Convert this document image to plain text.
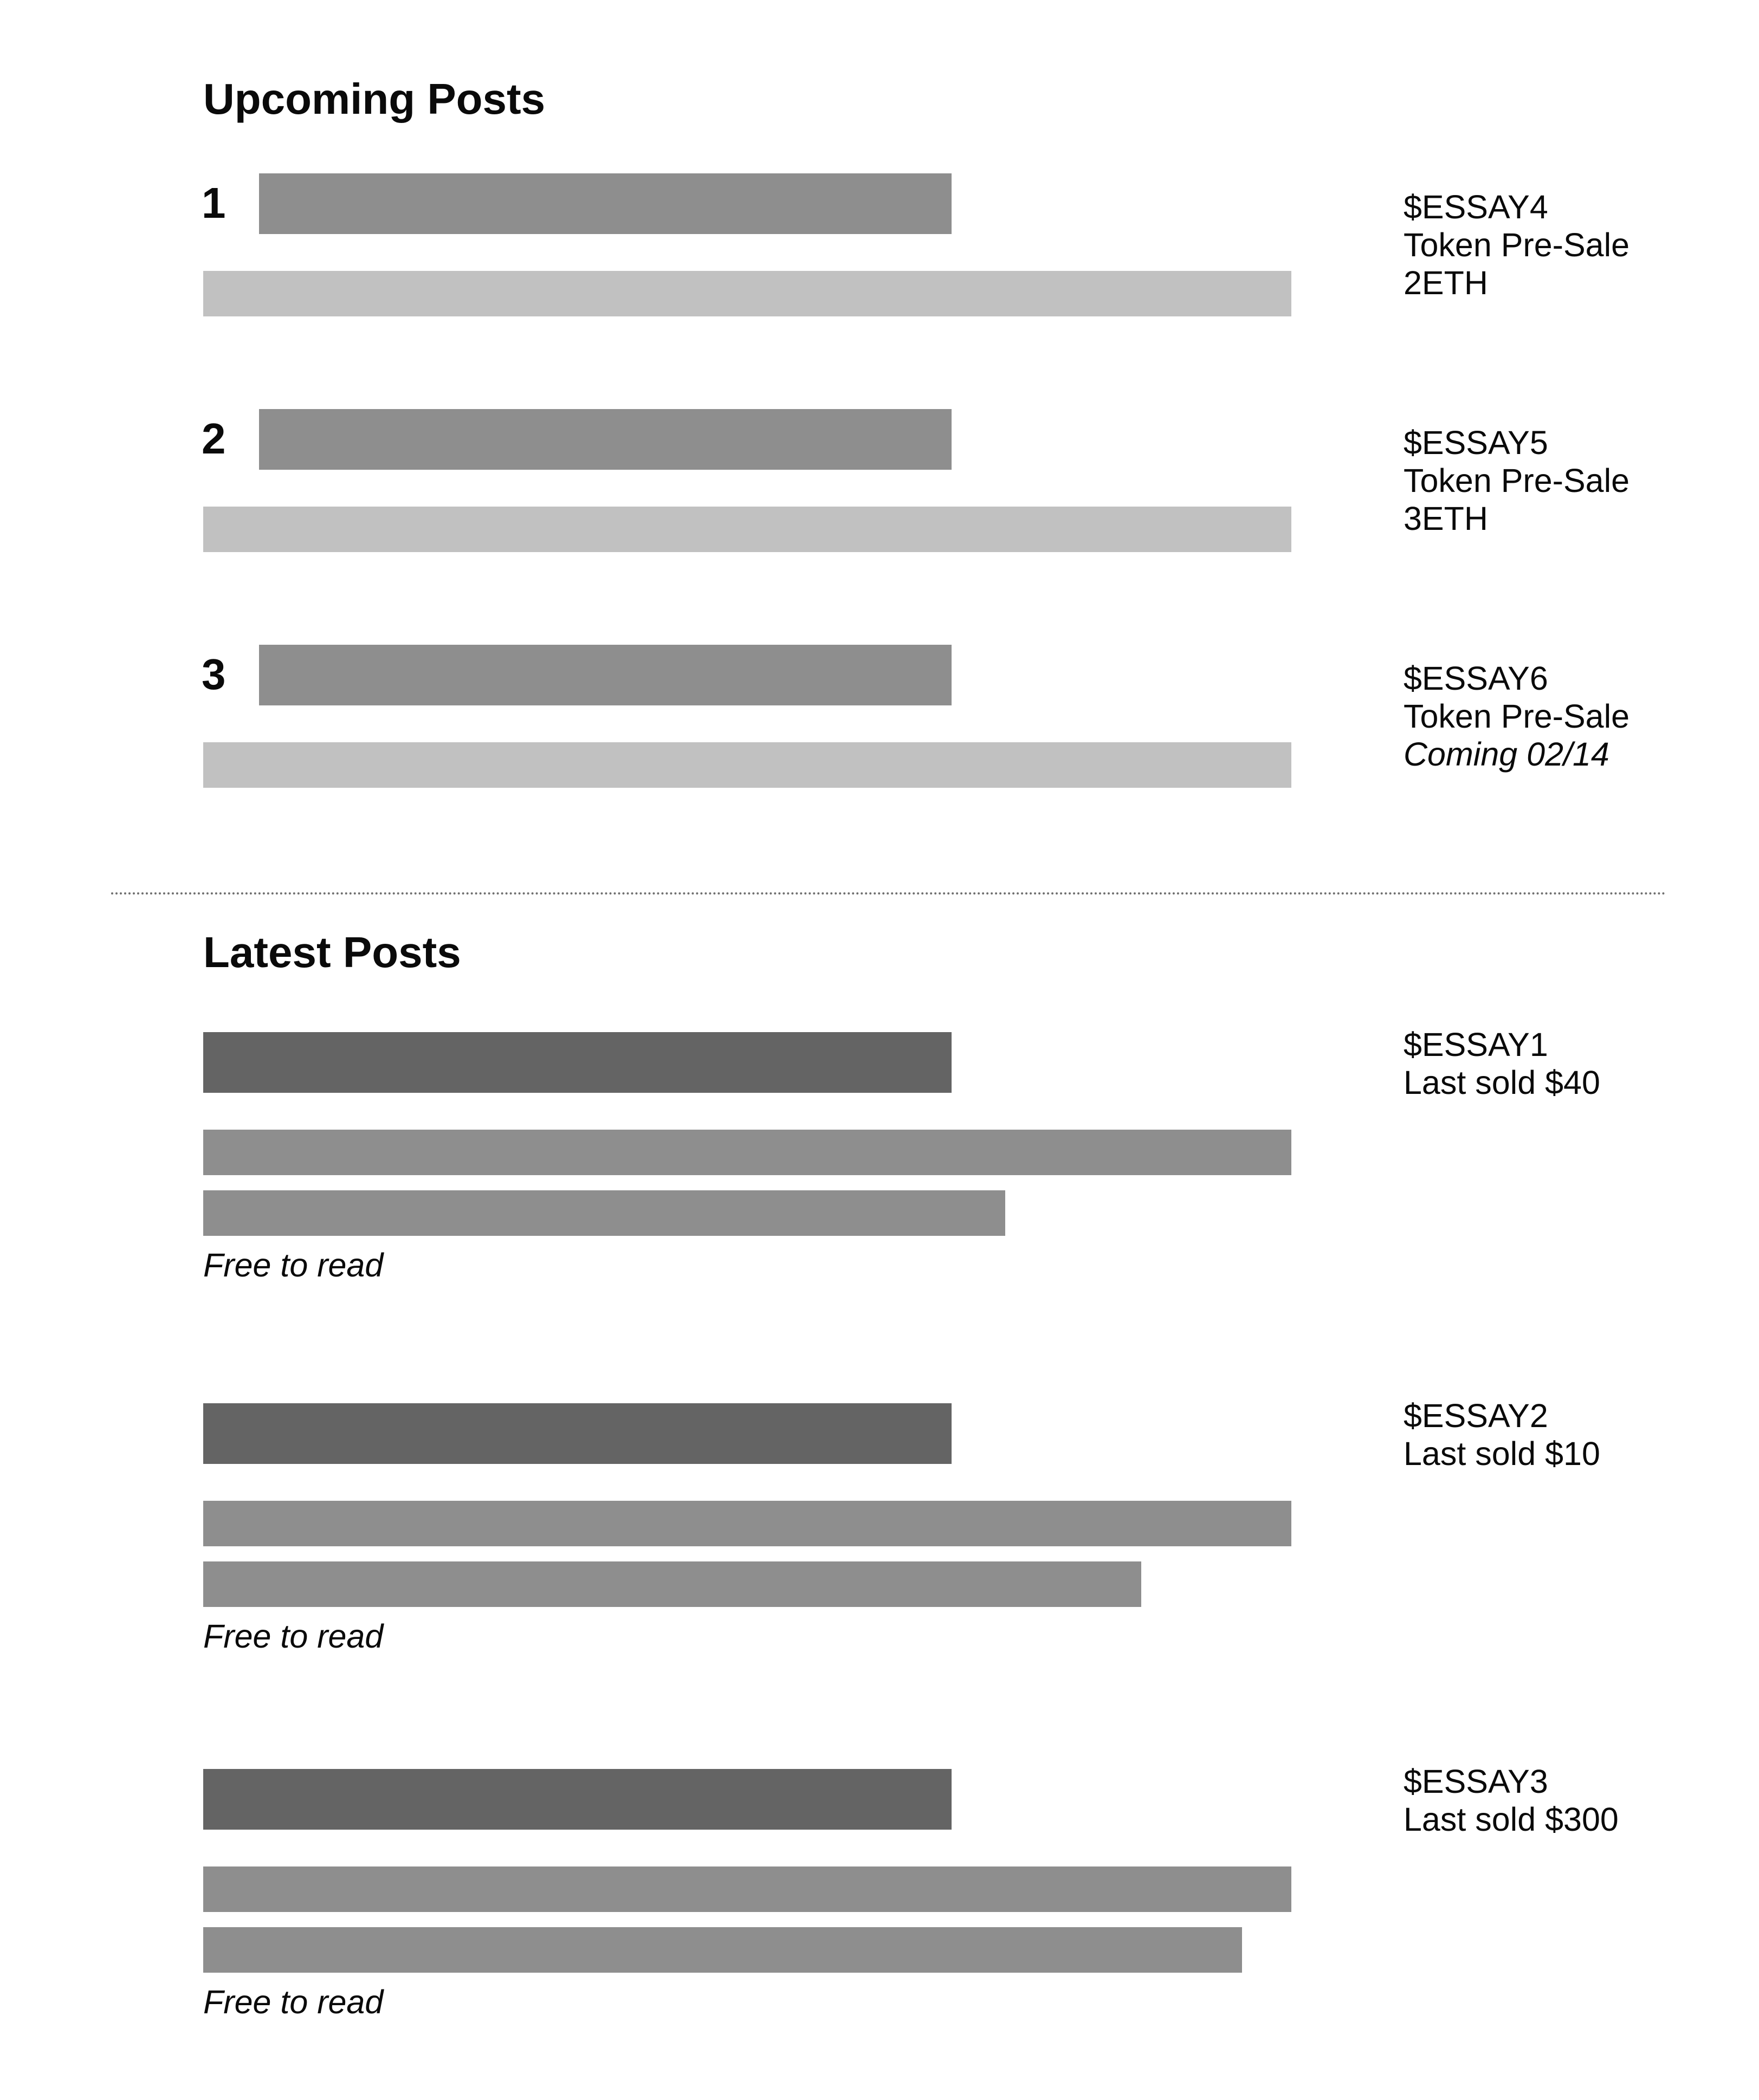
Upcoming Posts
1	$ESSAY4
Token Pre-Sale
2ETH
2	$ESSAY5
Token Pre-Sale
3ETH
3	$ESSAY6
Token Pre-Sale
Coming 02/14
Latest Posts
Free to read
$ESSAY1
Last sold $40
Free to read
$ESSAY2
Last sold $10
Free to read
$ESSAY3
Last sold $300
